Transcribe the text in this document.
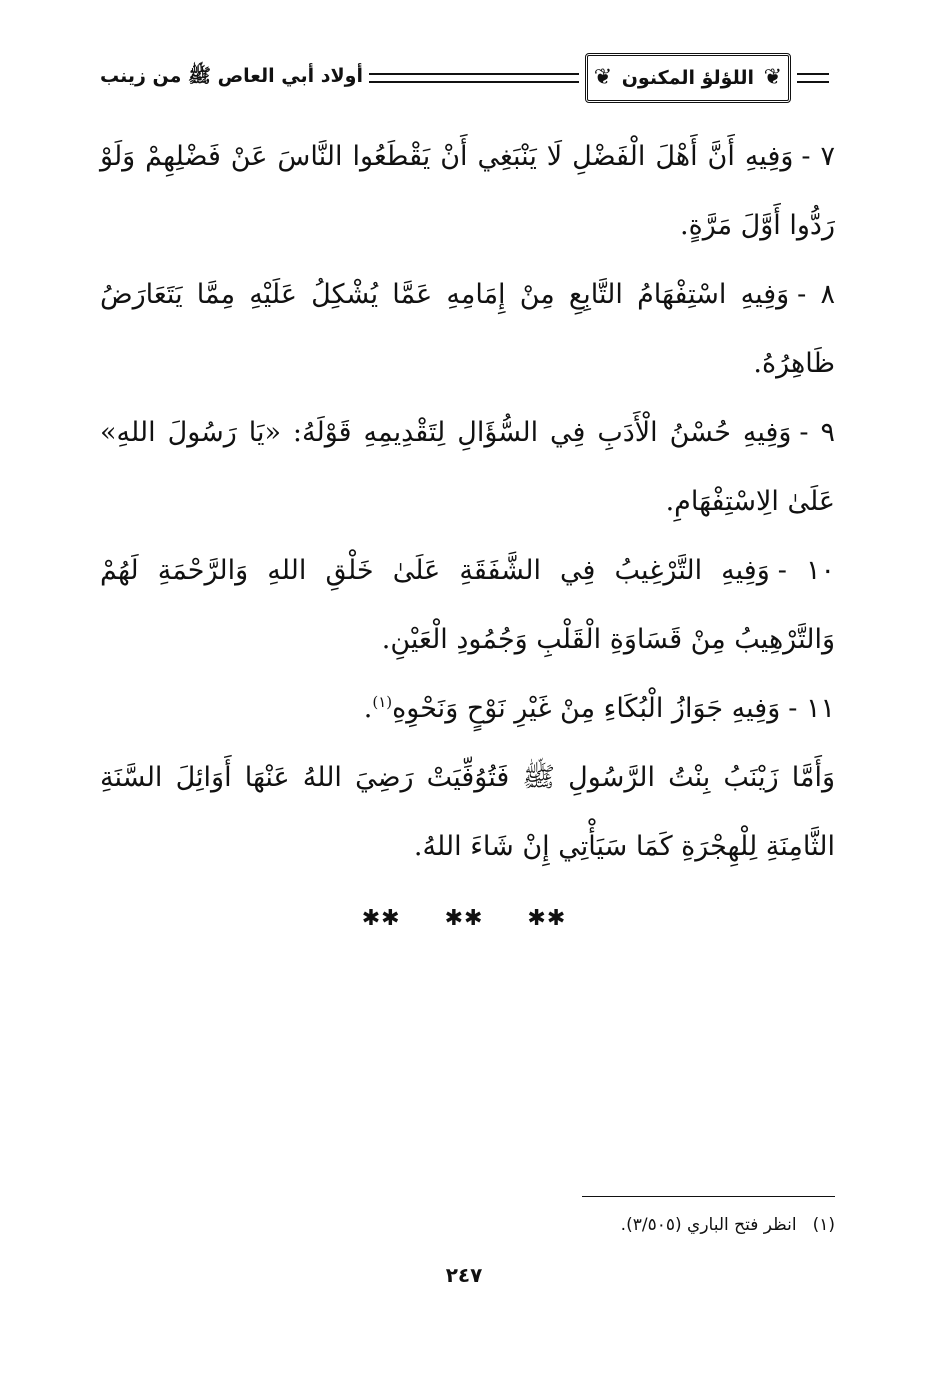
❦
اللؤلؤ المكنون
❦
أولاد أبي العاص ﷺ من زينب

٧ -وَفِيهِ أَنَّ أَهْلَ الْفَضْلِ لَا يَنْبَغِي أَنْ يَقْطَعُوا النَّاسَ عَنْ فَضْلِهِمْ وَلَوْ رَدُّوا أَوَّلَ مَرَّةٍ.

٨ -وَفِيهِ اسْتِفْهَامُ التَّابِعِ مِنْ إِمَامِهِ عَمَّا يُشْكِلُ عَلَيْهِ مِمَّا يَتَعَارَضُ ظَاهِرُهُ.

٩ -وَفِيهِ حُسْنُ الْأَدَبِ فِي السُّؤَالِ لِتَقْدِيمِهِ قَوْلَهُ: «يَا رَسُولَ اللهِ» عَلَىٰ الِاسْتِفْهَامِ.

١٠ -وَفِيهِ التَّرْغِيبُ فِي الشَّفَقَةِ عَلَىٰ خَلْقِ اللهِ وَالرَّحْمَةِ لَهُمْ وَالتَّرْهِيبُ مِنْ قَسَاوَةِ الْقَلْبِ وَجُمُودِ الْعَيْنِ.

١١ -وَفِيهِ جَوَازُ الْبُكَاءِ مِنْ غَيْرِ نَوْحٍ وَنَحْوِهِ$^{(١)}$.

وَأَمَّا زَيْنَبُ بِنْتُ الرَّسُولِ ﷺ فَتُوُفِّيَتْ رَضِيَ اللهُ عَنْهَا أَوَائِلَ السَّنَةِ الثَّامِنَةِ لِلْهِجْرَةِ كَمَا سَيَأْتِي إِنْ شَاءَ اللهُ.

✱✱ ✱✱ ✱✱
(١)انظر فتح الباري (٣/٥٠٥).
٢٤٧
